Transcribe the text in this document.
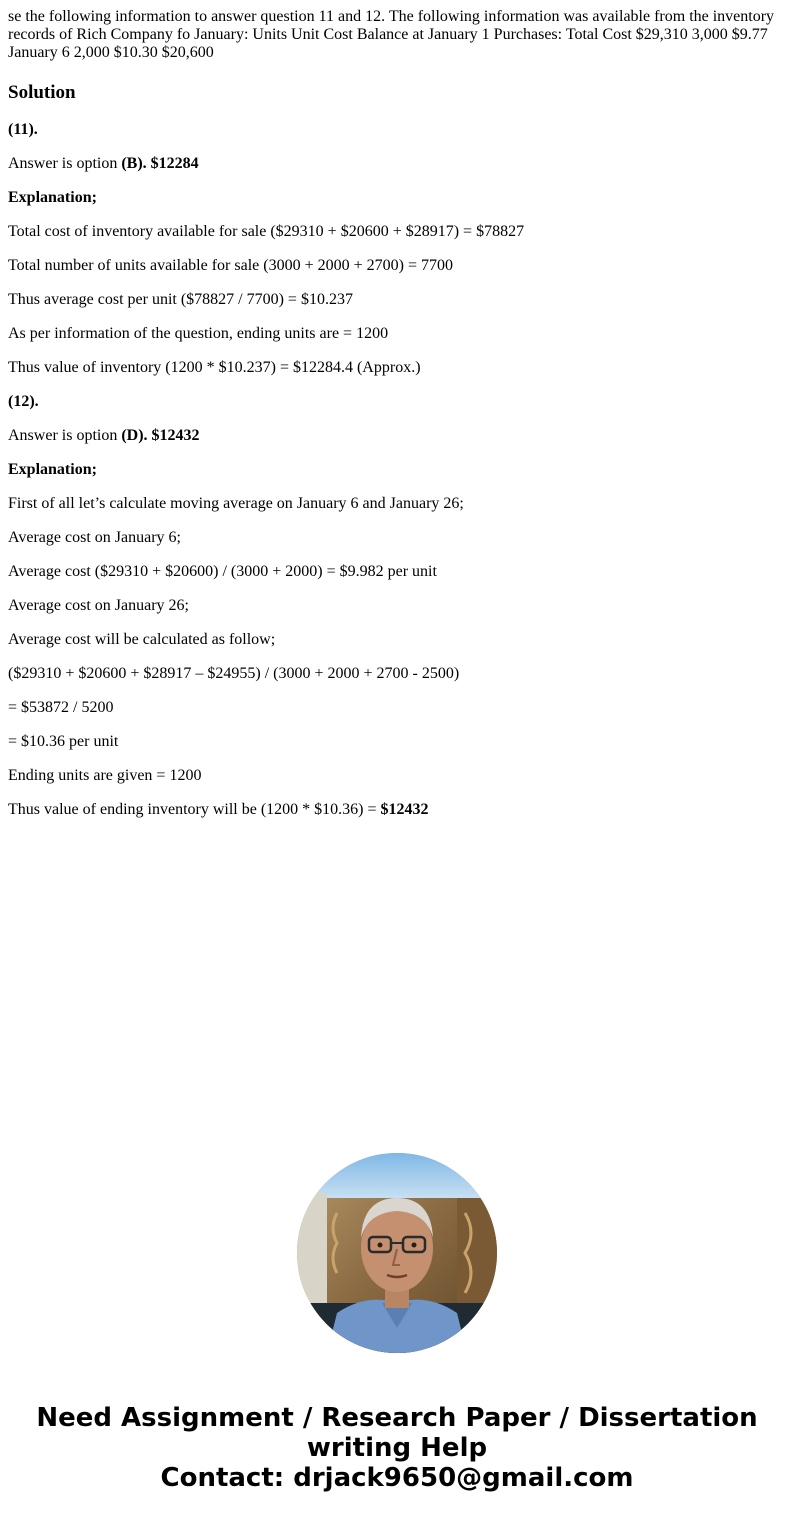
se the following information to answer question 11 and 12. The following information was available from the inventory records of Rich Company fo January: Units Unit Cost Balance at January 1 Purchases: Total Cost $29,310 3,000 $9.77 January 6 2,000 $10.30 $20,600

Solution

(11).

Answer is option (B). $12284

Explanation;

Total cost of inventory available for sale ($29310 + $20600 + $28917) = $78827

Total number of units available for sale (3000 + 2000 + 2700) = 7700

Thus average cost per unit ($78827 / 7700) = $10.237

As per information of the question, ending units are = 1200

Thus value of inventory (1200 * $10.237) = $12284.4 (Approx.)

(12).

Answer is option (D). $12432

Explanation;

First of all let’s calculate moving average on January 6 and January 26;

Average cost on January 6;

Average cost ($29310 + $20600) / (3000 + 2000) = $9.982 per unit

Average cost on January 26;

Average cost will be calculated as follow;

($29310 + $20600 + $28917 – $24955) / (3000 + 2000 + 2700 - 2500)

= $53872 / 5200

= $10.36 per unit

Ending units are given = 1200

Thus value of ending inventory will be (1200 * $10.36) = $12432

Need Assignment / Research Paper / Dissertation
writing Help
Contact: drjack9650@gmail.com
